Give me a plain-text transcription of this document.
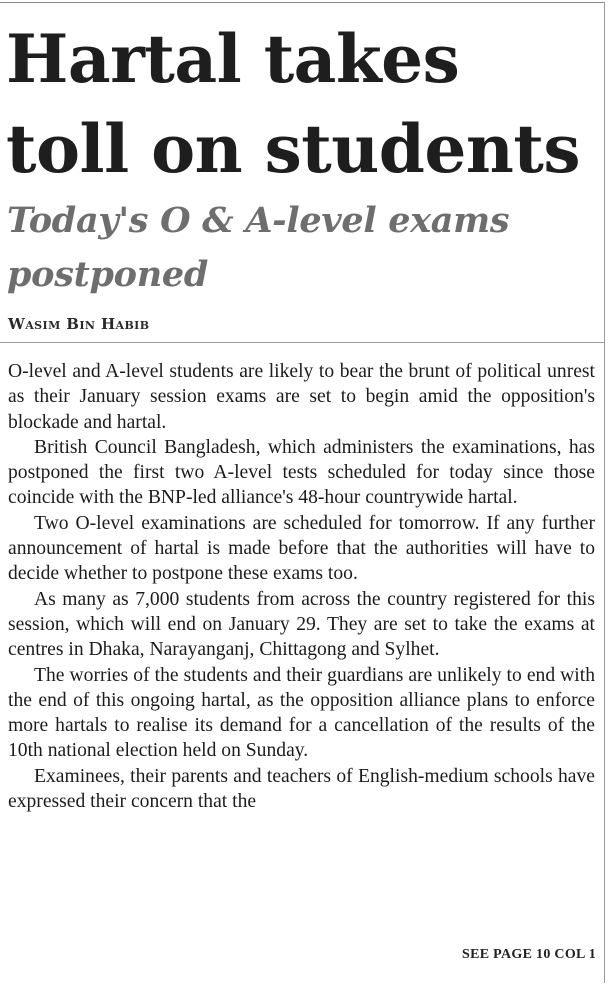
Hartal takes toll on students
Today's O & A-level exams postponed
Wasim Bin Habib

O-level and A-level students are likely to bear the brunt of political unrest as their January session exams are set to begin amid the opposition's blockade and hartal.

British Council Bangladesh, which administers the examinations, has postponed the first two A-level tests scheduled for today since those coincide with the BNP-led alliance's 48-hour countrywide hartal.

Two O-level examinations are scheduled for tomorrow. If any further announcement of hartal is made before that the authorities will have to decide whether to postpone these exams too.

As many as 7,000 students from across the country registered for this session, which will end on January 29. They are set to take the exams at centres in Dhaka, Narayanganj, Chittagong and Sylhet.

The worries of the students and their guardians are unlikely to end with the end of this ongoing hartal, as the opposition alliance plans to enforce more hartals to realise its demand for a cancellation of the results of the 10th national election held on Sunday.

Examinees, their parents and teachers of English-medium schools have expressed their concern that the

SEE PAGE 10 COL 1
